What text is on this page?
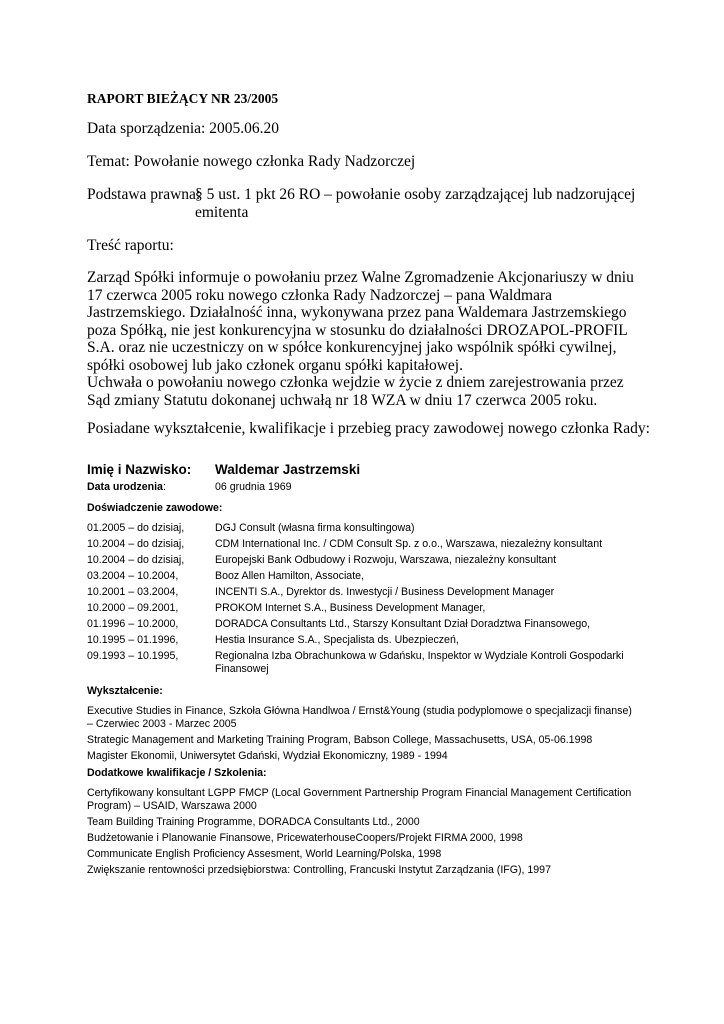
RAPORT BIEŻĄCY NR 23/2005
Data sporządzenia: 2005.06.20
Temat: Powołanie nowego członka Rady Nadzorczej
Podstawa prawna:
§ 5 ust. 1 pkt 26 RO – powołanie osoby zarządzającej lub nadzorującej emitenta
Treść raportu:

Zarząd Spółki informuje o powołaniu przez Walne Zgromadzenie Akcjonariuszy w dniu 17 czerwca 2005 roku nowego członka Rady Nadzorczej – pana Waldmara Jastrzemskiego. Działalność inna, wykonywana przez pana Waldemara Jastrzemskiego poza Spółką, nie jest konkurencyjna w stosunku do działalności DROZAPOL-PROFIL S.A. oraz nie uczestniczy on w spółce konkurencyjnej jako wspólnik spółki cywilnej, spółki osobowej lub jako członek organu spółki kapitałowej.

Uchwała o powołaniu nowego członka wejdzie w życie z dniem zarejestrowania przez Sąd zmiany Statutu dokonanej uchwałą nr 18 WZA w dniu 17 czerwca 2005 roku.

Posiadane wykształcenie, kwalifikacje i przebieg pracy zawodowej nowego członka Rady:
Imię i Nazwisko: Waldemar Jastrzemski
Data urodzenia:	06 grudnia 1969
Doświadczenie zawodowe:
01.2005 – do dzisiaj,	DGJ Consult (własna firma konsultingowa)
10.2004 – do dzisiaj,	CDM International Inc. / CDM Consult Sp. z o.o., Warszawa, niezależny konsultant
10.2004 – do dzisiaj,	Europejski Bank Odbudowy i Rozwoju, Warszawa, niezależny konsultant
03.2004 – 10.2004,	Booz Allen Hamilton, Associate,
10.2001 – 03.2004,	INCENTI S.A., Dyrektor ds. Inwestycji / Business Development Manager
10.2000 – 09.2001,	PROKOM Internet S.A., Business Development Manager,
01.1996 – 10.2000,	DORADCA Consultants Ltd., Starszy Konsultant Dział Doradztwa Finansowego,
10.1995 – 01.1996,	Hestia Insurance S.A., Specjalista ds. Ubezpieczeń,
09.1993 – 10.1995,	Regionalna Izba Obrachunkowa w Gdańsku, Inspektor w Wydziale Kontroli Gospodarki Finansowej
Wykształcenie:
Executive Studies in Finance, Szkoła Główna Handlwoa / Ernst&Young (studia podyplomowe o specjalizacji finanse) – Czerwiec 2003 - Marzec 2005
Strategic Management and Marketing Training Program, Babson College, Massachusetts, USA, 05-06.1998
Magister Ekonomii, Uniwersytet Gdański, Wydział Ekonomiczny, 1989 - 1994
Dodatkowe kwalifikacje / Szkolenia:
Certyfikowany konsultant LGPP FMCP (Local Government Partnership Program Financial Management Certification Program) – USAID, Warszawa 2000
Team Building Training Programme, DORADCA Consultants Ltd., 2000
Budżetowanie i Planowanie Finansowe, PricewaterhouseCoopers/Projekt FIRMA 2000, 1998
Communicate English Proficiency Assesment, World Learning/Polska, 1998
Zwiększanie rentowności przedsiębiorstwa: Controlling, Francuski Instytut Zarządzania (IFG), 1997
